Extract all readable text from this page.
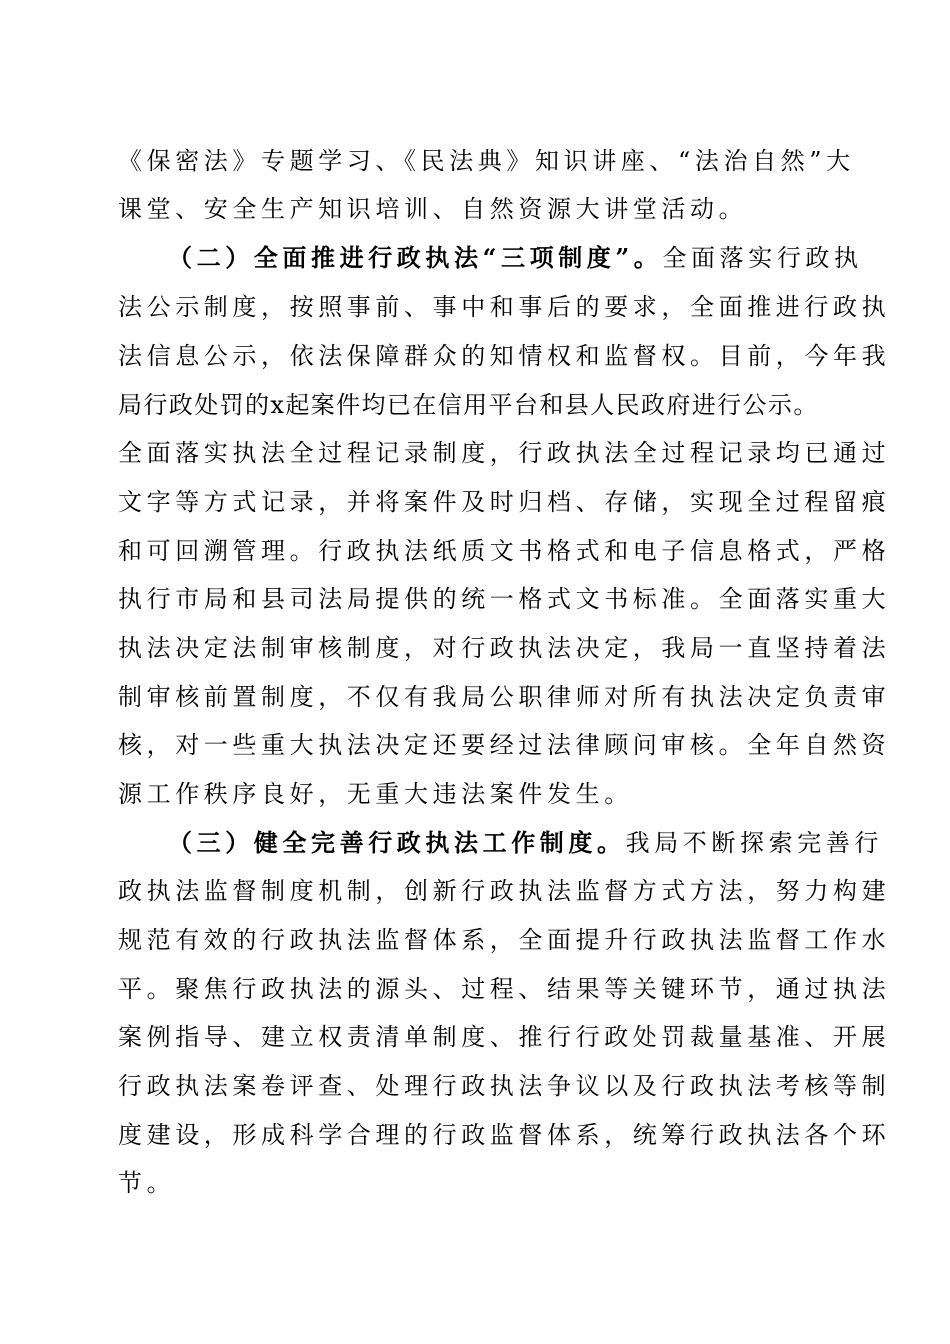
《保密法》专题学习、《民法典》知识讲座、“法治自然”大
课堂、安全生产知识培训、自然资源大讲堂活动。
（二）全面推进行政执法“三项制度”。全面落实行政执
法公示制度，按照事前、事中和事后的要求，全面推进行政执
法信息公示，依法保障群众的知情权和监督权。目前，今年我
局行政处罚的x起案件均已在信用平台和县人民政府进行公示。
全面落实执法全过程记录制度，行政执法全过程记录均已通过
文字等方式记录，并将案件及时归档、存储，实现全过程留痕
和可回溯管理。行政执法纸质文书格式和电子信息格式，严格
执行市局和县司法局提供的统一格式文书标准。全面落实重大
执法决定法制审核制度，对行政执法决定，我局一直坚持着法
制审核前置制度，不仅有我局公职律师对所有执法决定负责审
核，对一些重大执法决定还要经过法律顾问审核。全年自然资
源工作秩序良好，无重大违法案件发生。
（三）健全完善行政执法工作制度。我局不断探索完善行
政执法监督制度机制，创新行政执法监督方式方法，努力构建
规范有效的行政执法监督体系，全面提升行政执法监督工作水
平。聚焦行政执法的源头、过程、结果等关键环节，通过执法
案例指导、建立权责清单制度、推行行政处罚裁量基准、开展
行政执法案卷评查、处理行政执法争议以及行政执法考核等制
度建设，形成科学合理的行政监督体系，统筹行政执法各个环
节。
